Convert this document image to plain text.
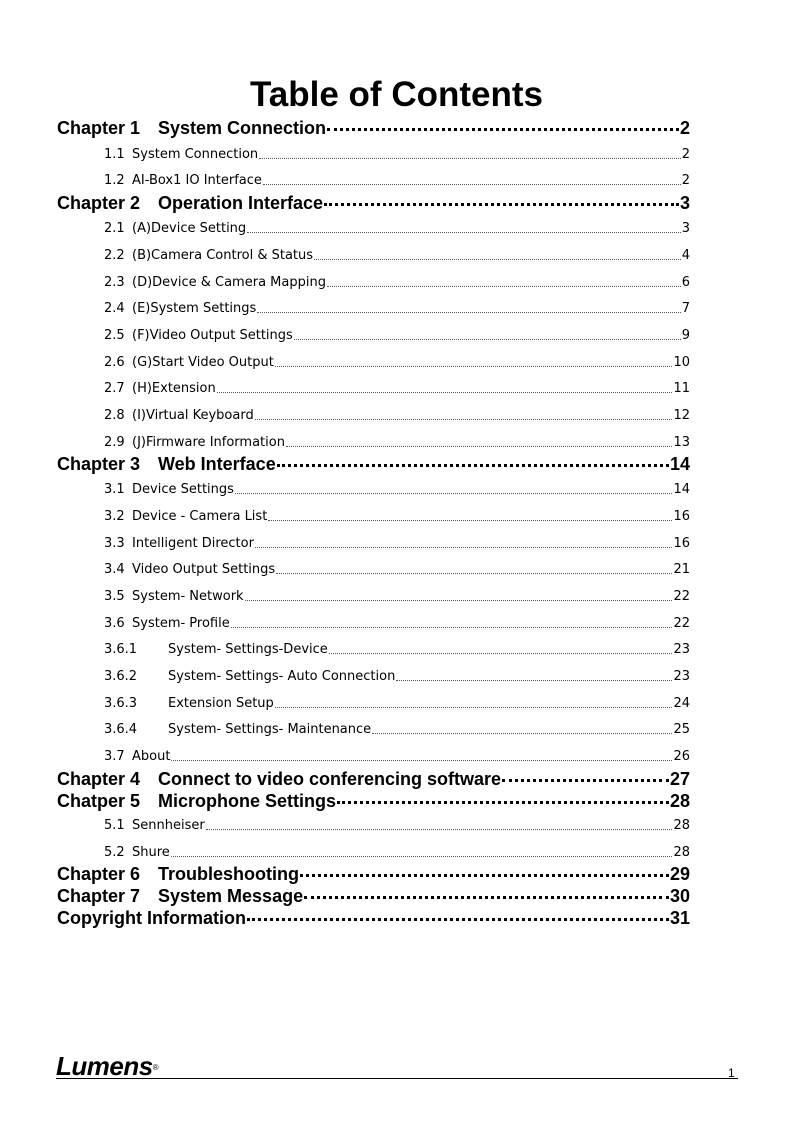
Table of Contents
Chapter 1 System Connection	2
1.1 System Connection	2
1.2 AI-Box1 IO Interface	2
Chapter 2 Operation Interface	3
2.1 (A)Device Setting	3
2.2 (B)Camera Control & Status	4
2.3 (D)Device & Camera Mapping	6
2.4 (E)System Settings	7
2.5 (F)Video Output Settings	9
2.6 (G)Start Video Output	10
2.7 (H)Extension	11
2.8 (I)Virtual Keyboard	12
2.9 (J)Firmware Information	13
Chapter 3 Web Interface	14
3.1 Device Settings	14
3.2 Device - Camera List	16
3.3 Intelligent Director	16
3.4 Video Output Settings	21
3.5 System- Network	22
3.6 System- Profile	22
3.6.1	System- Settings-Device	23
3.6.2	System- Settings- Auto Connection	23
3.6.3	Extension Setup	24
3.6.4	System- Settings- Maintenance	25
3.7 About	26
Chapter 4 Connect to video conferencing software	27
Chatper 5 Microphone Settings	28
5.1 Sennheiser	28
5.2 Shure	28
Chapter 6 Troubleshooting	29
Chapter 7 System Message	30
Copyright Information	31
Lumens®	1
